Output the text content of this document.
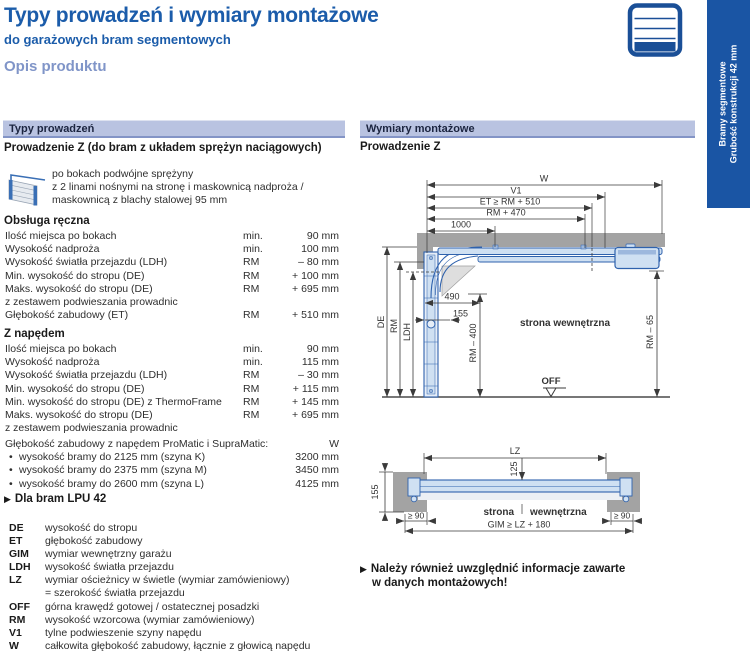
Typy prowadzeń i wymiary montażowe
do garażowych bram segmentowych
Opis produktu	Bramy segmentowe Grubość konstrukcji 42 mm
Typy prowadzeń	Wymiary montażowe
Prowadzenie Z (do bram z układem sprężyn naciągowych)
po bokach podwójne sprężyny
z 2 linami nośnymi na stronę i maskownicą nadproża /
maskownicą z blachy stalowej 95 mm
Obsługa ręczna
Ilość miejsca po bokach	min.	90 mm
Wysokość nadproża	min.	100 mm
Wysokość światła przejazdu (LDH)	RM	– 80 mm
Min. wysokość do stropu (DE)	RM	+ 100 mm
Maks. wysokość do stropu (DE)	RM	+ 695 mm
z zestawem podwieszania prowadnic
Głębokość zabudowy (ET)	RM	+ 510 mm
Z napędem
Ilość miejsca po bokach	min.	90 mm
Wysokość nadproża	min.	115 mm
Wysokość światła przejazdu (LDH)	RM	– 30 mm
Min. wysokość do stropu (DE)	RM	+ 115 mm
Min. wysokość do stropu (DE) z ThermoFrame	RM	+ 145 mm
Maks. wysokość do stropu (DE)	RM	+ 695 mm
z zestawem podwieszania prowadnic
Głębokość zabudowy z napędem ProMatic i SupraMatic:	W
• wysokość bramy do 2125 mm (szyna K)	3200 mm
• wysokość bramy do 2375 mm (szyna M)	3450 mm
• wysokość bramy do 2600 mm (szyna L)	4125 mm
▶ Dla bram LPU 42
DE	wysokość do stropu
ET	głębokość zabudowy
GIM	wymiar wewnętrzny garażu
LDH	wysokość światła przejazdu
LZ	wymiar ościeżnicy w świetle (wymiar zamówieniowy)
= szerokość światła przejazdu
OFF	górna krawędź gotowej / ostatecznej posadzki
RM	wysokość wzorcowa (wymiar zamówieniowy)
V1	tylne podwieszenie szyny napędu
W	całkowita głębokość zabudowy, łącznie z głowicą napędu
Prowadzenie Z
W
V1
ET ≥ RM + 510
RM + 470
1000
DE RM LDH	RM – 400	RM – 65
490
155
strona wewnętrzna
OFF
LZ
125
155
≥ 90	≥ 90
GIM ≥ LZ + 180
strona wewnętrzna
▶ Należy również uwzględnić informacje zawarte
w danych montażowych!
